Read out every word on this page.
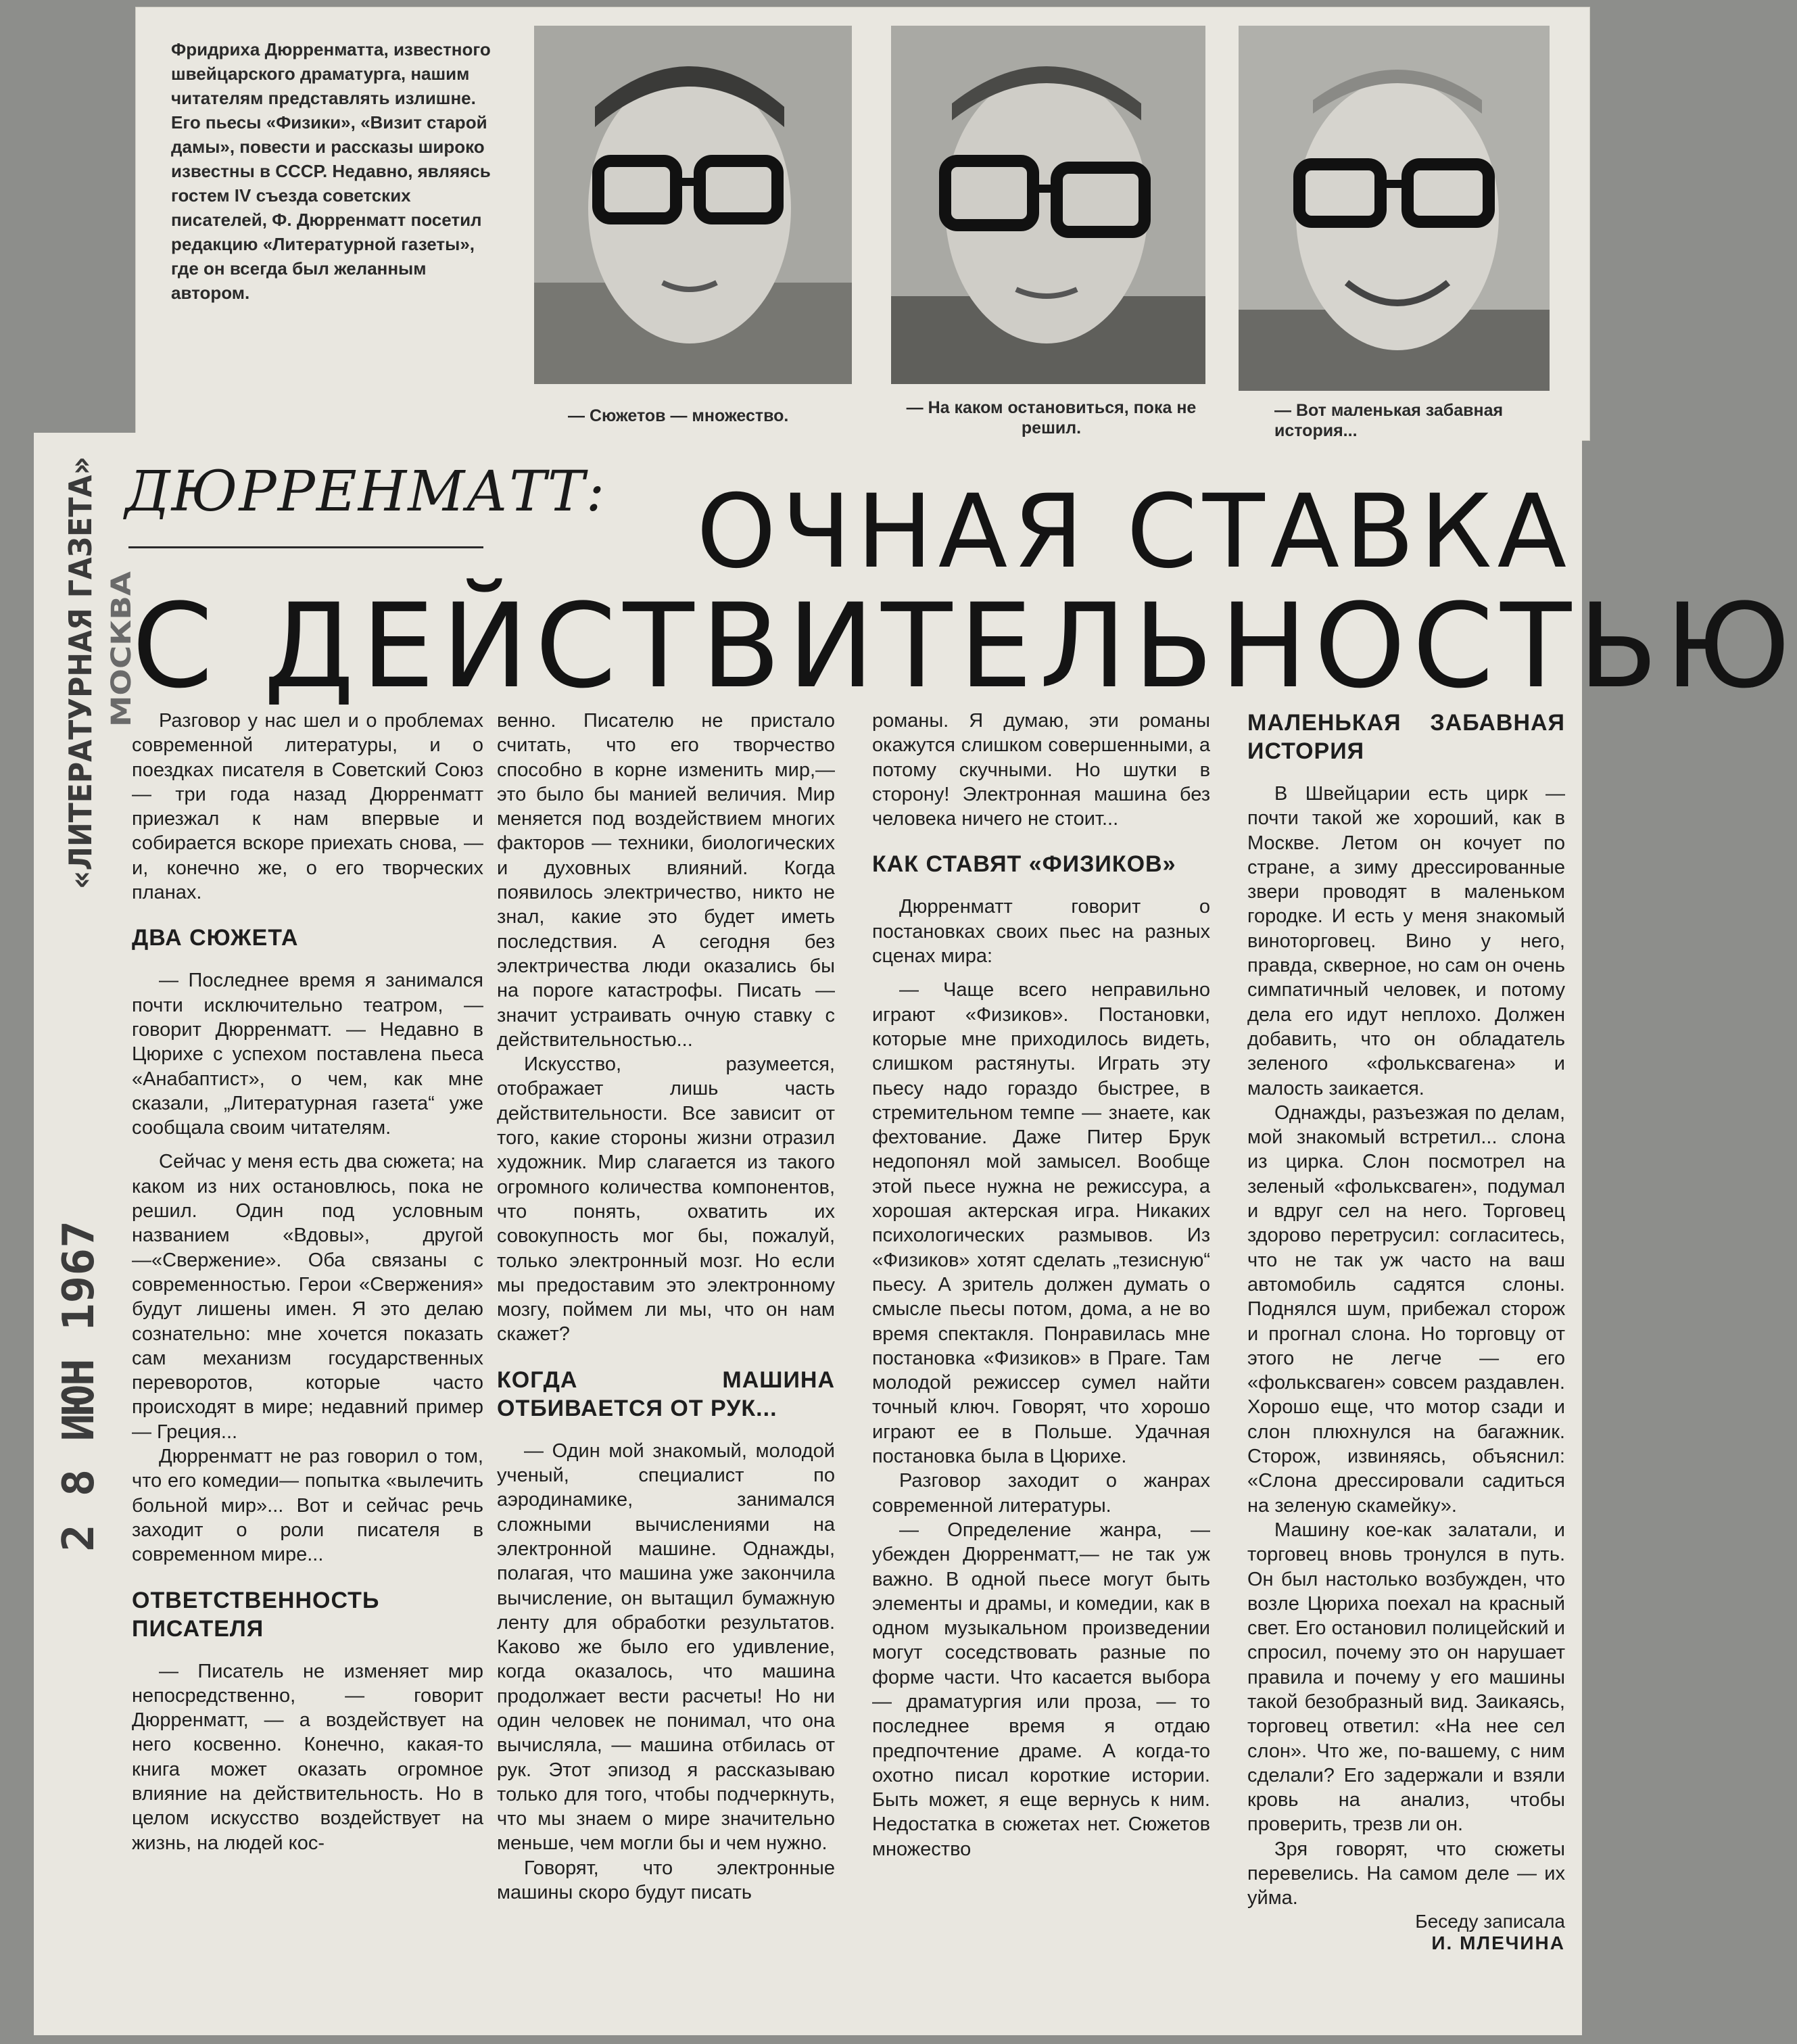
Фридриха Дюрренматта, известного швейцарского драматурга, нашим читателям представлять излишне. Его пьесы «Физики», «Визит старой дамы», повести и рассказы широко известны в СССР. Недавно, являясь гостем IV съезда советских писателей, Ф. Дюрренматт посетил редакцию «Литературной газеты», где он всегда был желанным автором.
— Сюжетов — множество.	— На каком остановиться, пока не решил.
— Вот маленькая забавная история...
«ЛИТЕРАТУРНАЯ ГАЗЕТА» МОСКВА
2 8 ИЮН 1967
ДЮРРЕНМАТТ: ОЧНАЯ СТАВКА
С ДЕЙСТВИТЕЛЬНОСТЬЮ

Разговор у нас шел и о проблемах современной литературы, и о поездках писателя в Советский Союз — три года назад Дюрренматт приезжал к нам впервые и собирается вскоре приехать снова, — и, конечно же, о его творческих планах.

ДВА СЮЖЕТА

— Последнее время я занимался почти исключительно театром, — говорит Дюрренматт. — Недавно в Цюрихе с успехом поставлена пьеса «Анабаптист», о чем, как мне сказали, „Литературная газета“ уже сообщала своим читателям.

Сейчас у меня есть два сюжета; на каком из них остановлюсь, пока не решил. Один под условным названием «Вдовы», другой—«Свержение». Оба связаны с современностью. Герои «Свержения» будут лишены имен. Я это делаю сознательно: мне хочется показать сам механизм государственных переворотов, которые часто происходят в мире; недавний пример — Греция...

Дюрренматт не раз говорил о том, что его комедии— попытка «вылечить больной мир»... Вот и сейчас речь заходит о роли писателя в современном мире...

ОТВЕТСТВЕННОСТЬ ПИСАТЕЛЯ

— Писатель не изменяет мир непосредственно, — говорит Дюрренматт, — а воздействует на него косвенно. Конечно, какая-то книга может оказать огромное влияние на действительность. Но в целом искусство воздействует на жизнь, на людей кос-

венно. Писателю не пристало считать, что его творчество способно в корне изменить мир,— это было бы манией величия. Мир меняется под воздействием многих факторов — техники, биологических и духовных влияний. Когда появилось электричество, никто не знал, какие это будет иметь последствия. А сегодня без электричества люди оказались бы на пороге катастрофы. Писать — значит устраивать очную ставку с действительностью...

Искусство, разумеется, отображает лишь часть действительности. Все зависит от того, какие стороны жизни отразил художник. Мир слагается из такого огромного количества компонентов, что понять, охватить их совокупность мог бы, пожалуй, только электронный мозг. Но если мы предоставим это электронному мозгу, поймем ли мы, что он нам скажет?

КОГДА МАШИНА ОТБИВАЕТСЯ ОТ РУК...

— Один мой знакомый, молодой ученый, специалист по аэродинамике, занимался сложными вычислениями на электронной машине. Однажды, полагая, что машина уже закончила вычисление, он вытащил бумажную ленту для обработки результатов. Каково же было его удивление, когда оказалось, что машина продолжает вести расчеты! Но ни один человек не понимал, что она вычисляла, — машина отбилась от рук. Этот эпизод я рассказываю только для того, чтобы подчеркнуть, что мы знаем о мире значительно меньше, чем могли бы и чем нужно.

Говорят, что электронные машины скоро будут писать

романы. Я думаю, эти романы окажутся слишком совершенными, а потому скучными. Но шутки в сторону! Электронная машина без человека ничего не стоит...

КАК СТАВЯТ «ФИЗИКОВ»

Дюрренматт говорит о постановках своих пьес на разных сценах мира:

— Чаще всего неправильно играют «Физиков». Постановки, которые мне приходилось видеть, слишком растянуты. Играть эту пьесу надо гораздо быстрее, в стремительном темпе — знаете, как фехтование. Даже Питер Брук недопонял мой замысел. Вообще этой пьесе нужна не режиссура, а хорошая актерская игра. Никаких психологических размывов. Из «Физиков» хотят сделать „тезисную“ пьесу. А зритель должен думать о смысле пьесы потом, дома, а не во время спектакля. Понравилась мне постановка «Физиков» в Праге. Там молодой режиссер сумел найти точный ключ. Говорят, что хорошо играют ее в Польше. Удачная постановка была в Цюрихе.

Разговор заходит о жанрах современной литературы.

— Определение жанра, — убежден Дюрренматт,— не так уж важно. В одной пьесе могут быть элементы и драмы, и комедии, как в одном музыкальном произведении могут соседствовать разные по форме части. Что касается выбора — драматургия или проза, — то последнее время я отдаю предпочтение драме. А когда-то охотно писал короткие истории. Быть может, я еще вернусь к ним. Недостатка в сюжетах нет. Сюжетов множество

МАЛЕНЬКАЯ ЗАБАВНАЯ ИСТОРИЯ

В Швейцарии есть цирк — почти такой же хороший, как в Москве. Летом он кочует по стране, а зиму дрессированные звери проводят в маленьком городке. И есть у меня знакомый виноторговец. Вино у него, правда, скверное, но сам он очень симпатичный человек, и потому дела его идут неплохо. Должен добавить, что он обладатель зеленого «фольксвагена» и малость заикается.

Однажды, разъезжая по делам, мой знакомый встретил... слона из цирка. Слон посмотрел на зеленый «фольксваген», подумал и вдруг сел на него. Торговец здорово перетрусил: согласитесь, что не так уж часто на ваш автомобиль садятся слоны. Поднялся шум, прибежал сторож и прогнал слона. Но торговцу от этого не легче — его «фольксваген» совсем раздавлен. Хорошо еще, что мотор сзади и слон плюхнулся на багажник. Сторож, извиняясь, объяснил: «Слона дрессировали садиться на зеленую скамейку».

Машину кое-как залатали, и торговец вновь тронулся в путь. Он был настолько возбужден, что возле Цюриха поехал на красный свет. Его остановил полицейский и спросил, почему это он нарушает правила и почему у его машины такой безобразный вид. Заикаясь, торговец ответил: «На нее сел слон». Что же, по-вашему, с ним сделали? Его задержали и взяли кровь на анализ, чтобы проверить, трезв ли он.

Зря говорят, что сюжеты перевелись. На самом деле — их уйма.

Беседу записала
И. МЛЕЧИНА
